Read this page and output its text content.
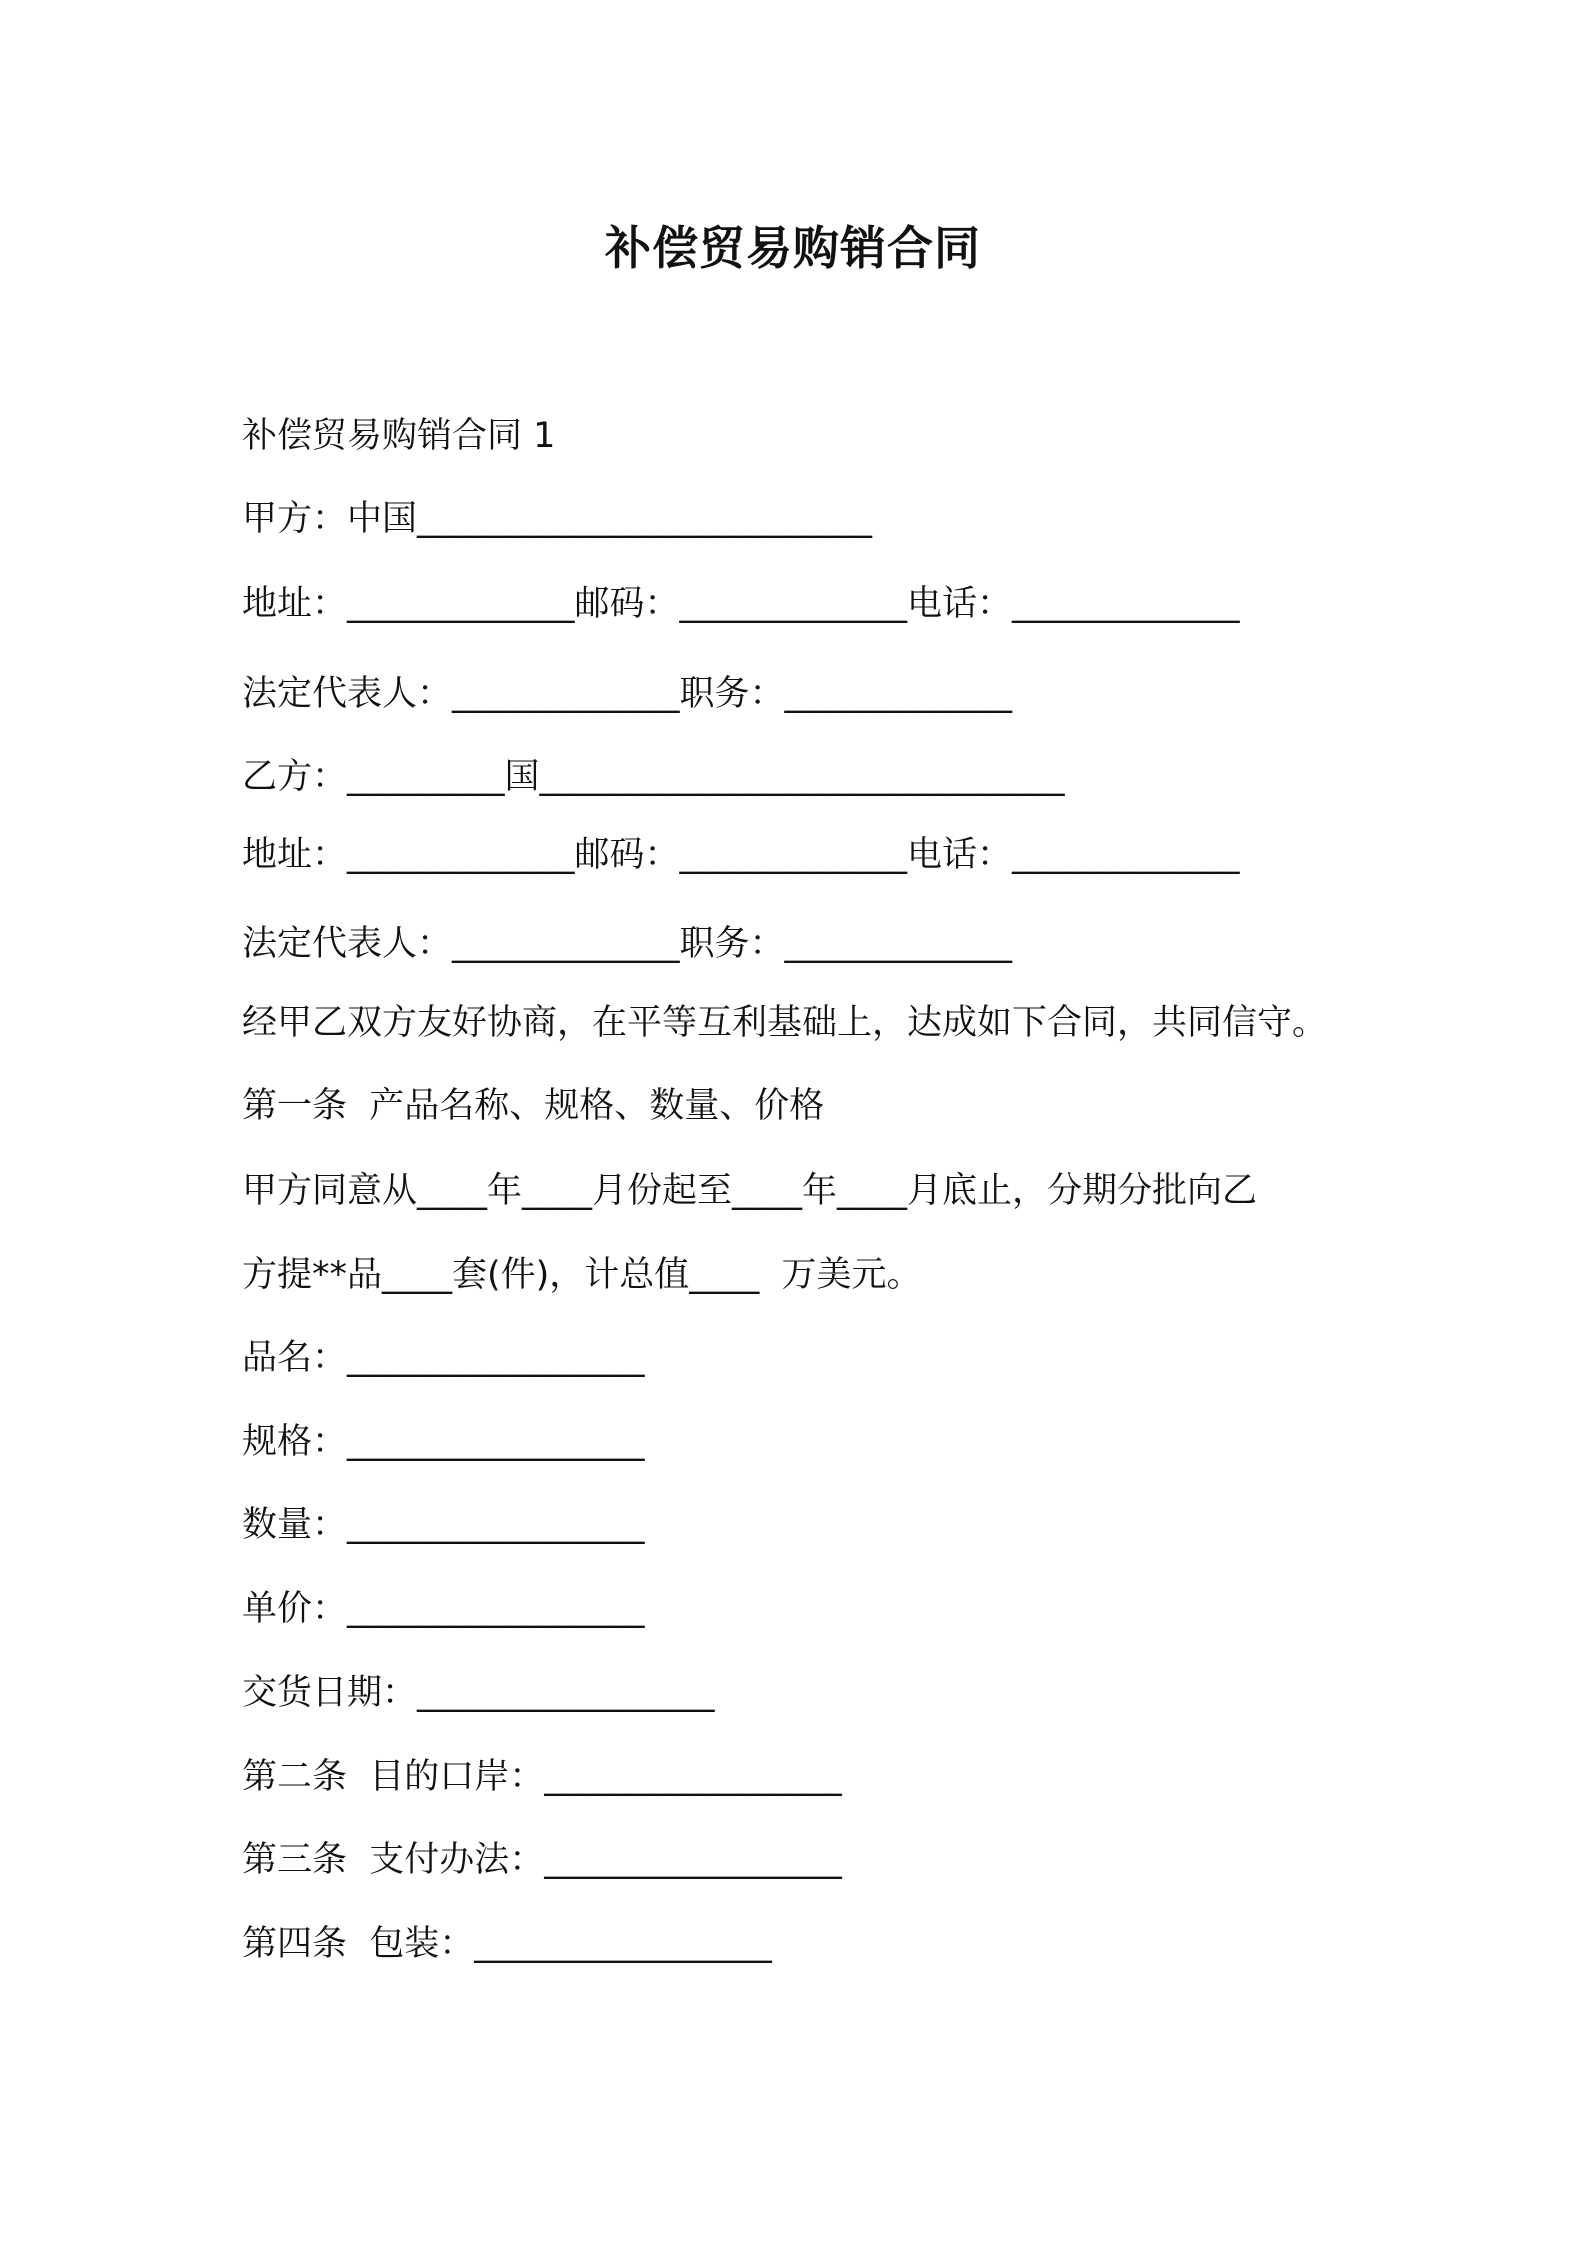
补偿贸易购销合同

补偿贸易购销合同 1

甲方：中国__________________________

地址：_____________邮码：_____________电话：_____________

法定代表人：_____________职务：_____________

乙方：_________国______________________________

地址：_____________邮码：_____________电话：_____________

法定代表人：_____________职务：_____________

经甲乙双方友好协商，在平等互利基础上，达成如下合同，共同信守。

第一条  产品名称、规格、数量、价格

甲方同意从____年____月份起至____年____月底止，分期分批向乙

方提**品____套(件)，计总值____  万美元。

品名：_________________

规格：_________________

数量：_________________

单价：_________________

交货日期：_________________

第二条  目的口岸：_________________

第三条  支付办法：_________________

第四条  包装：_________________
